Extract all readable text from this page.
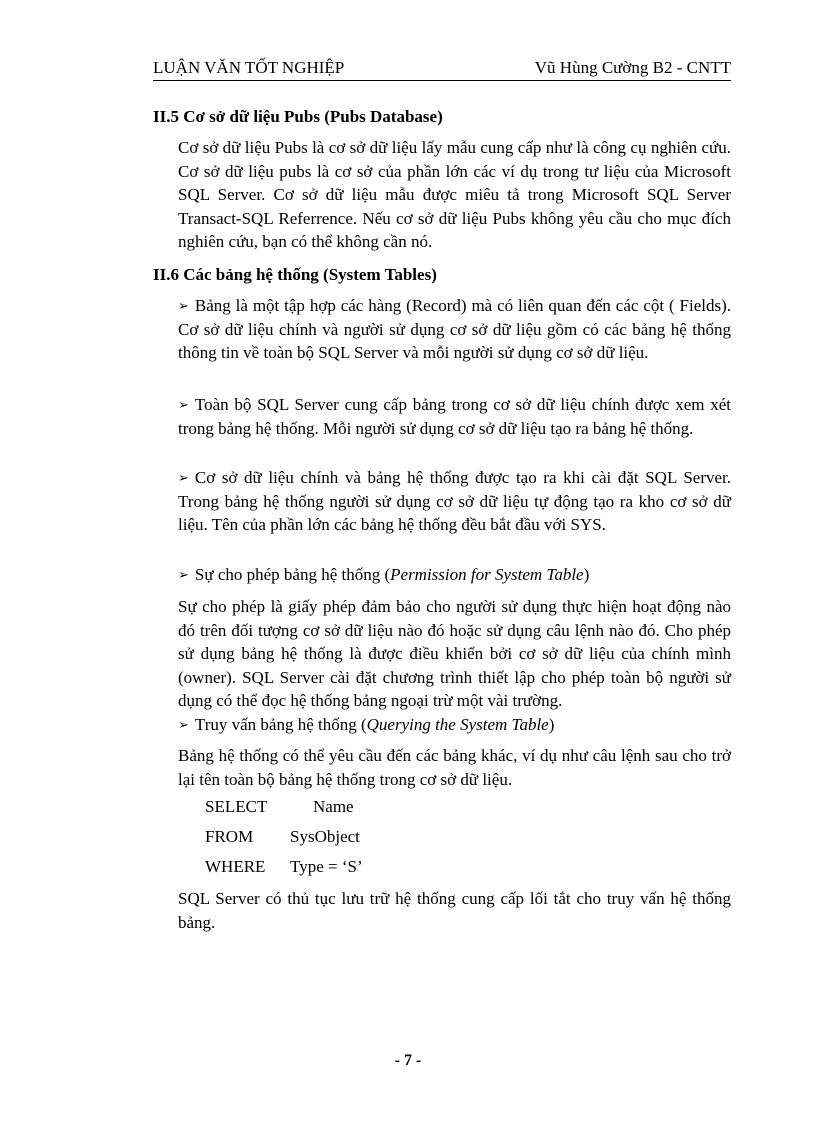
LUẬN VĂN TỐT NGHIỆP	Vũ Hùng Cường B2 - CNTT
II.5 Cơ sở dữ liệu Pubs (Pubs Database)
Cơ sở dữ liệu Pubs là cơ sở dữ liệu lấy mẫu cung cấp như là công cụ nghiên cứu. Cơ sở dữ liệu pubs là cơ sở của phần lớn các ví dụ trong tư liệu của Microsoft SQL Server. Cơ sở dữ liệu mẫu được miêu tả trong Microsoft SQL Server Transact-SQL Referrence. Nếu cơ sở dữ liệu Pubs không yêu cầu cho mục đích nghiên cứu, bạn có thể không cần nó.
II.6 Các bảng hệ thống (System Tables)
➢ Bảng là một tập hợp các hàng (Record) mà có liên quan đến các cột ( Fields). Cơ sở dữ liệu chính và người sử dụng cơ sở dữ liệu gồm có các bảng hệ thống thông tin về toàn bộ SQL Server và mỗi người sử dụng cơ sở dữ liệu.
➢ Toàn bộ SQL Server cung cấp bảng trong cơ sở dữ liệu chính được xem xét trong bảng hệ thống. Mỗi người sử dụng cơ sở dữ liệu tạo ra bảng hệ thống.
➢ Cơ sở dữ liệu chính và bảng hệ thống được tạo ra khi cài đặt SQL Server. Trong bảng hệ thống người sử dụng cơ sở dữ liệu tự động tạo ra kho cơ sở dữ liệu. Tên của phần lớn các bảng hệ thống đều bắt đầu với SYS.
➢ Sự cho phép bảng hệ thống (Permission for System Table)
Sự cho phép là giấy phép đảm bảo cho người sử dụng thực hiện hoạt động nào đó trên đối tượng cơ sở dữ liệu nào đó hoặc sử dụng câu lệnh nào đó. Cho phép sử dụng bảng hệ thống là được điều khiển bởi cơ sở dữ liệu của chính mình (owner). SQL Server cài đặt chương trình thiết lập cho phép toàn bộ người sử dụng có thể đọc hệ thống bảng ngoại trừ một vài trường.
➢ Truy vấn bảng hệ thống (Querying the System Table)
Bảng hệ thống có thể yêu cầu đến các bảng khác, ví dụ như câu lệnh sau cho trở lại tên toàn bộ bảng hệ thống trong cơ sở dữ liệu.
SELECT	Name
FROM	SysObject
WHERE	Type = ‘S’
SQL Server có thủ tục lưu trữ hệ thống cung cấp lối tắt cho truy vấn hệ thống bảng.
- 7 -
